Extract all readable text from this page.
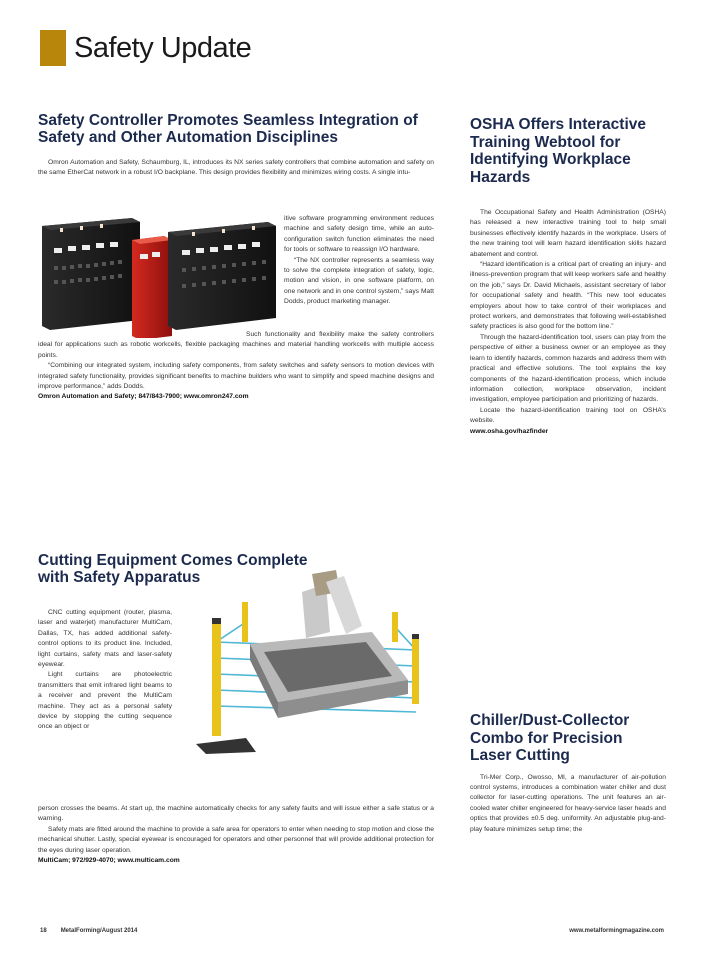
Safety Update
Safety Controller Promotes Seamless Integration of Safety and Other Automation Disciplines

Omron Automation and Safety, Schaumburg, IL, introduces its NX series safety controllers that combine automation and safety on the same EtherCat network in a robust I/O backplane. This design provides flexibility and minimizes wiring costs. A single intu-

itive software programming environment reduces machine and safety design time, while an auto-configuration switch function eliminates the need for tools or software to reassign I/O hardware.

“The NX controller represents a seamless way to solve the complete integration of safety, logic, motion and vision, in one software platform, on one network and in one control system,” says Matt Dodds, product marketing manager.

Such functionality and flexibility make the safety controllers ideal for applications such as robotic workcells, flexible packaging machines and material handling workcells with multiple access points.

“Combining our integrated system, including safety components, from safety switches and safety sensors to motion devices with integrated safety functionality, provides significant benefits to machine builders who want to simplify and speed machine designs and improve performance,” adds Dodds.

Omron Automation and Safety; 847/843-7900; www.omron247.com
Cutting Equipment Comes Complete with Safety Apparatus

CNC cutting equipment (router, plasma, laser and waterjet) manufacturer MultiCam, Dallas, TX, has added additional safety-control options to its product line. Included, light curtains, safety mats and laser-safety eyewear.

Light curtains are photoelectric transmitters that emit infrared light beams to a receiver and prevent the MultiCam machine. They act as a personal safety device by stopping the cutting sequence once an object or

person crosses the beams. At start up, the machine automatically checks for any safety faults and will issue either a safe status or a warning.

Safety mats are fitted around the machine to provide a safe area for operators to enter when needing to stop motion and close the mechanical shutter. Lastly, special eyewear is encouraged for operators and other personnel that will provide additional protection for the eyes during laser operation.

MultiCam; 972/929-4070; www.multicam.com
OSHA Offers Interactive Training Webtool for Identifying Workplace Hazards

The Occupational Safety and Health Administration (OSHA) has released a new interactive training tool to help small businesses effectively identify hazards in the workplace. Users of the new training tool will learn hazard identification skills hazard abatement and control.

“Hazard identification is a critical part of creating an injury- and illness-prevention program that will keep workers safe and healthy on the job,” says Dr. David Michaels, assistant secretary of labor for occupational safety and health. “This new tool educates employers about how to take control of their workplaces and protect workers, and demonstrates that following well-established safety practices is also good for the bottom line.”

Through the hazard-identification tool, users can play from the perspective of either a business owner or an employee as they learn to identify hazards, common hazards and address them with practical and effective solutions. The tool explains the key components of the hazard-identification process, which include information collection, workplace observation, incident investigation, employee participation and prioritizing of hazards.

Locate the hazard-identification training tool on OSHA’s website.

www.osha.gov/hazfinder
Chiller/Dust-Collector Combo for Precision Laser Cutting

Tri-Mer Corp., Owosso, MI, a manufacturer of air-pollution control systems, introduces a combination water chiller and dust collector for laser-cutting operations. The unit features an air-cooled water chiller engineered for heavy-service laser heads and optics that provides ±0.5 deg. uniformity. An adjustable plug-and-play feature minimizes setup time; the

18 MetalForming/August 2014	www.metalformingmagazine.com
